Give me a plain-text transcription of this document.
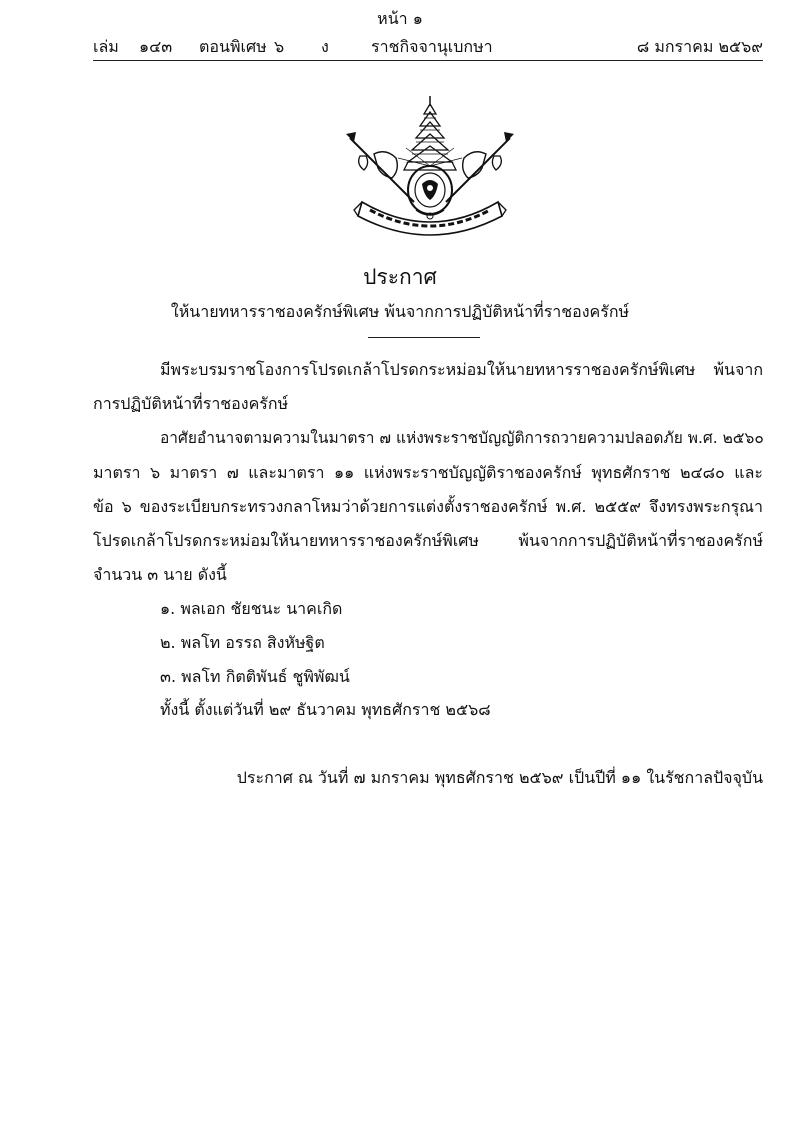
หน้า ๑
เล่ม ๑๔๓ ตอนพิเศษ ๖ ง	ราชกิจจานุเบกษา	๘ มกราคม ๒๕๖๙
ประกาศ
ให้นายทหารราชองครักษ์พิเศษ พ้นจากการปฏิบัติหน้าที่ราชองครักษ์
มีพระบรมราชโองการโปรดเกล้าโปรดกระหม่อมให้นายทหารราชองครักษ์พิเศษ พ้นจาก
การปฏิบัติหน้าที่ราชองครักษ์
อาศัยอำนาจตามความในมาตรา ๗ แห่งพระราชบัญญัติการถวายความปลอดภัย พ.ศ. ๒๕๖๐
มาตรา ๖ มาตรา ๗ และมาตรา ๑๑ แห่งพระราชบัญญัติราชองครักษ์ พุทธศักราช ๒๔๘๐ และ
ข้อ ๖ ของระเบียบกระทรวงกลาโหมว่าด้วยการแต่งตั้งราชองครักษ์ พ.ศ. ๒๕๕๙ จึงทรงพระกรุณา
โปรดเกล้าโปรดกระหม่อมให้นายทหารราชองครักษ์พิเศษ พ้นจากการปฏิบัติหน้าที่ราชองครักษ์
จำนวน ๓ นาย ดังนี้
๑. พลเอก ชัยชนะ นาคเกิด
๒. พลโท อรรถ สิงหัษฐิต
๓. พลโท กิตติพันธ์ ชูพิพัฒน์
ทั้งนี้ ตั้งแต่วันที่ ๒๙ ธันวาคม พุทธศักราช ๒๕๖๘
ประกาศ ณ วันที่ ๗ มกราคม พุทธศักราช ๒๕๖๙ เป็นปีที่ ๑๑ ในรัชกาลปัจจุบัน
